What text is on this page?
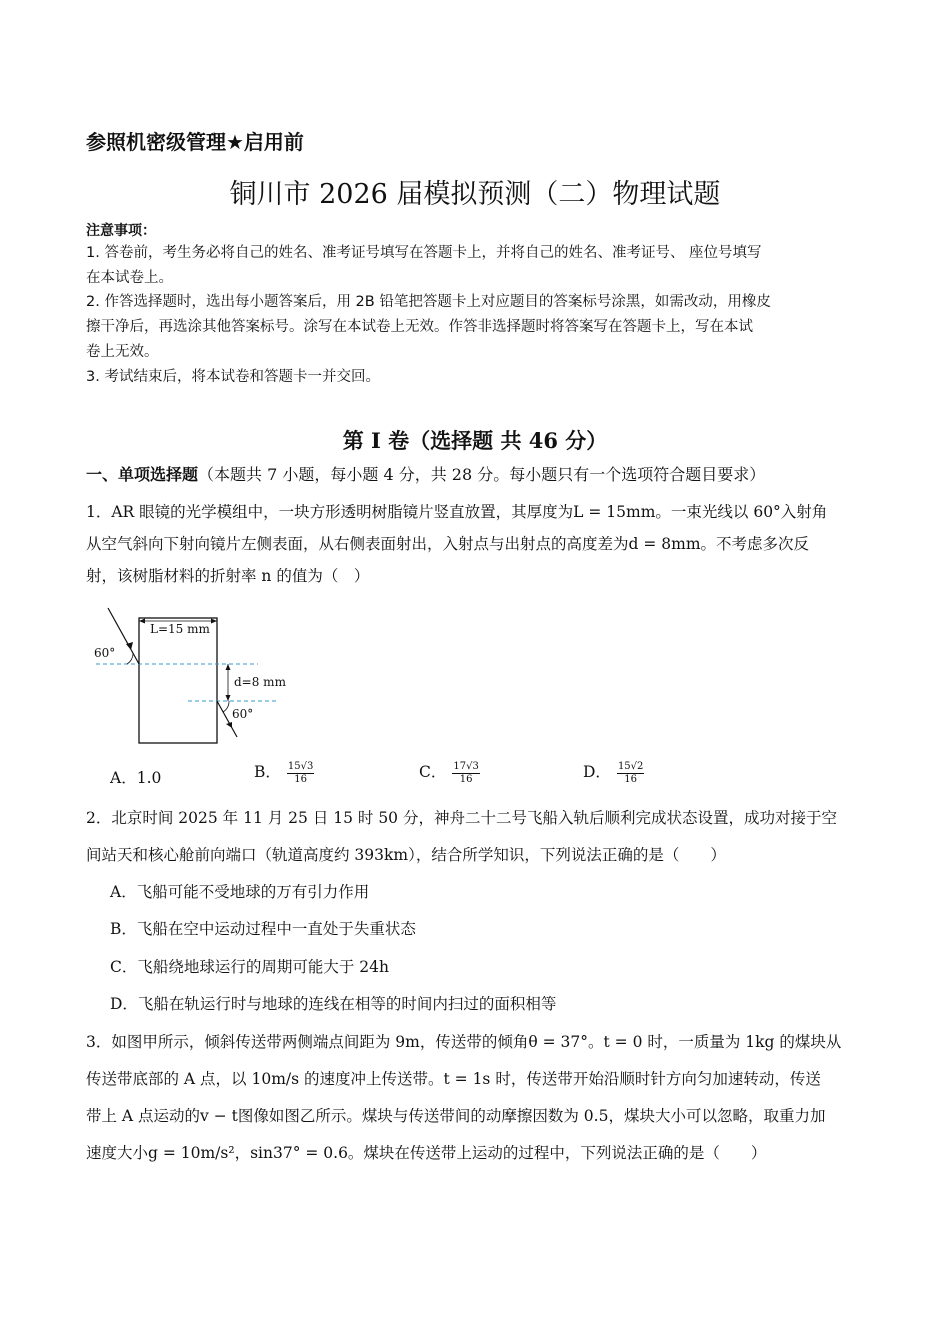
参照机密级管理★启用前
铜川市 2026 届模拟预测（二）物理试题
注意事项：
1. 答卷前，考生务必将自己的姓名、准考证号填写在答题卡上，并将自己的姓名、准考证号、 座位号填写
在本试卷上。
2. 作答选择题时，选出每小题答案后，用 2B 铅笔把答题卡上对应题目的答案标号涂黑，如需改动，用橡皮
擦干净后，再选涂其他答案标号。涂写在本试卷上无效。作答非选择题时将答案写在答题卡上，写在本试
卷上无效。
3. 考试结束后，将本试卷和答题卡一并交回。
第 I 卷（选择题 共 46 分）
一、单项选择题（本题共 7 小题，每小题 4 分，共 28 分。每小题只有一个选项符合题目要求）
1．AR 眼镜的光学模组中，一块方形透明树脂镜片竖直放置，其厚度为L = 15mm。一束光线以 60°入射角
从空气斜向下射向镜片左侧表面，从右侧表面射出，入射点与出射点的高度差为d = 8mm。不考虑多次反
射，该树脂材料的折射率 n 的值为（　）
L=15 mm
60°
60°
d=8 mm
A．1.0	B． $\frac{15√3}{16}$	C． $\frac{17√3}{16}$	D． $\frac{15√2}{16}$
2．北京时间 2025 年 11 月 25 日 15 时 50 分，神舟二十二号飞船入轨后顺利完成状态设置，成功对接于空
间站天和核心舱前向端口（轨道高度约 393km），结合所学知识，下列说法正确的是（　　）
A．飞船可能不受地球的万有引力作用
B．飞船在空中运动过程中一直处于失重状态
C．飞船绕地球运行的周期可能大于 24h
D．飞船在轨运行时与地球的连线在相等的时间内扫过的面积相等
3．如图甲所示，倾斜传送带两侧端点间距为 9m，传送带的倾角θ = 37°。t = 0 时，一质量为 1kg 的煤块从
传送带底部的 A 点，以 10m/s 的速度冲上传送带。t = 1s 时，传送带开始沿顺时针方向匀加速转动，传送
带上 A 点运动的v − t图像如图乙所示。煤块与传送带间的动摩擦因数为 0.5，煤块大小可以忽略，取重力加
速度大小g = 10m/s²，sin37° = 0.6。煤块在传送带上运动的过程中，下列说法正确的是（　　）
